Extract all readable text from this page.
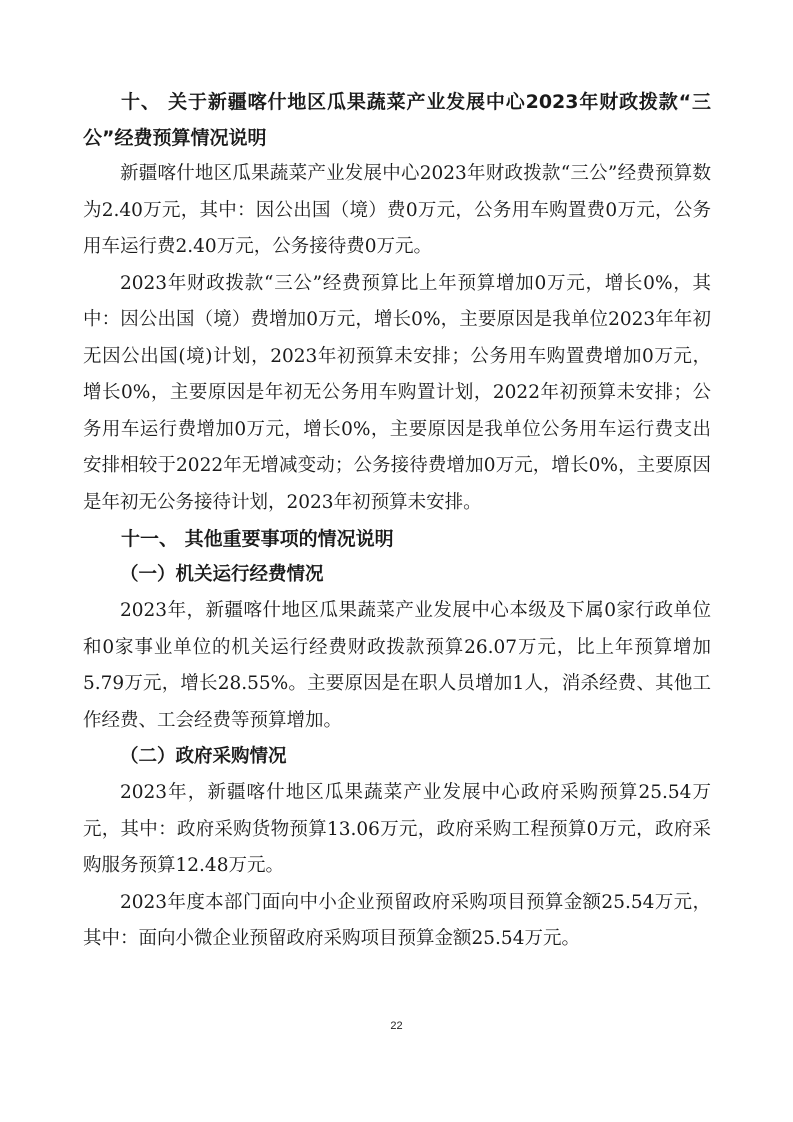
十、 关于新疆喀什地区瓜果蔬菜产业发展中心2023年财政拨款“三公”经费预算情况说明

新疆喀什地区瓜果蔬菜产业发展中心2023年财政拨款“三公”经费预算数为2.40万元，其中：因公出国（境）费0万元，公务用车购置费0万元，公务用车运行费2.40万元，公务接待费0万元。

2023年财政拨款“三公”经费预算比上年预算增加0万元，增长0%，其中：因公出国（境）费增加0万元，增长0%，主要原因是我单位2023年年初无因公出国(境)计划，2023年初预算未安排；公务用车购置费增加0万元，增长0%，主要原因是年初无公务用车购置计划，2022年初预算未安排；公务用车运行费增加0万元，增长0%，主要原因是我单位公务用车运行费支出安排相较于2022年无增减变动；公务接待费增加0万元，增长0%，主要原因是年初无公务接待计划，2023年初预算未安排。

十一、 其他重要事项的情况说明

（一）机关运行经费情况

2023年，新疆喀什地区瓜果蔬菜产业发展中心本级及下属0家行政单位和0家事业单位的机关运行经费财政拨款预算26.07万元，比上年预算增加5.79万元，增长28.55%。主要原因是在职人员增加1人，消杀经费、其他工作经费、工会经费等预算增加。

（二）政府采购情况

2023年，新疆喀什地区瓜果蔬菜产业发展中心政府采购预算25.54万元，其中：政府采购货物预算13.06万元，政府采购工程预算0万元，政府采购服务预算12.48万元。

2023年度本部门面向中小企业预留政府采购项目预算金额25.54万元，其中：面向小微企业预留政府采购项目预算金额25.54万元。

22
